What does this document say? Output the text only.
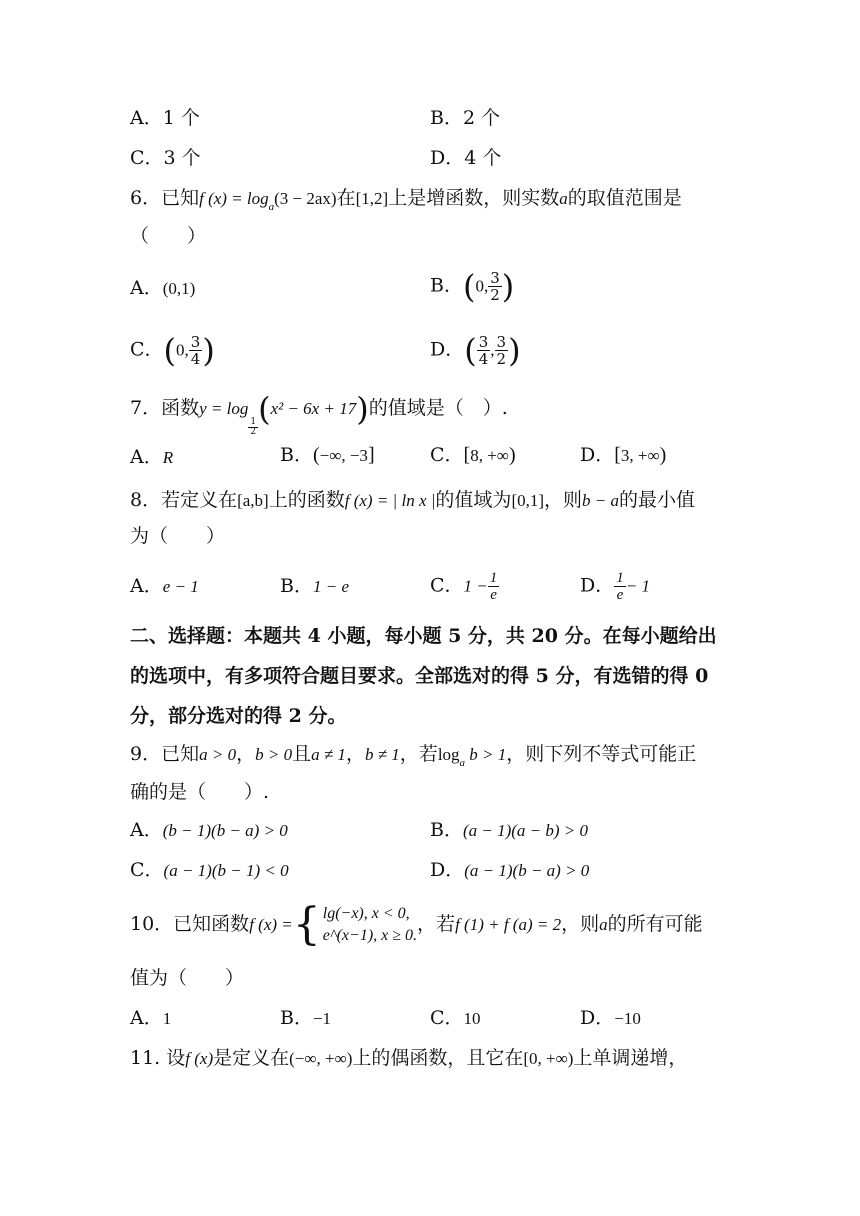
A．1 个	B．2 个
C．3 个	D．4 个
6．已知f $(x) = \log_a(3 - 2ax)$在[1,2]上是增函数，则实数a的取值范围是
（　　）
A．(0,1)	B．(0, $\frac{3}{2}$ )
C．(0, $\frac{3}{4}$ )	D．( $\frac{3}{4}$ , $\frac{3}{2}$ )
7．函数y = log
$\frac{1}{2} (x^2 - 6x + 17)$的值域是（　）.
A．R	B．(−∞, −3]	C．[8, +∞)	D．[3, +∞)
8．若定义在[a,b]上的函数f (x) = | ln x |的值域为[0,1]，则b − a的最小值
为（　　）
A．e − 1	B．1 − e	C．$1 - \frac{1}{e}$	D． $\frac{1}{e} - 1$
二、选择题：本题共 4 小题，每小题 5 分，共 20 分。在每小题给出
的选项中，有多项符合题目要求。全部选对的得 5 分，有选错的得 0
分，部分选对的得 2 分。
9．已知a > 0，b > 0且a ≠ 1，b ≠ 1，若$\log_a b > 1$，则下列不等式可能正
确的是（　　）.
A．(b − 1)(b − a) > 0	B．(a − 1)(a − b) > 0
C．(a − 1)(b − 1) < 0	D．(a − 1)(b − a) > 0
10．已知函数f (x) = { lg(−x), x < 0,
e^(x−1), x ≥ 0.
，若f (1) + f (a) = 2，则a的所有可能
值为（　　）
A．1	B．−1	C．10	D．−10
11. 设f (x)是定义在(−∞, +∞)上的偶函数，且它在[0, +∞)上单调递增，
